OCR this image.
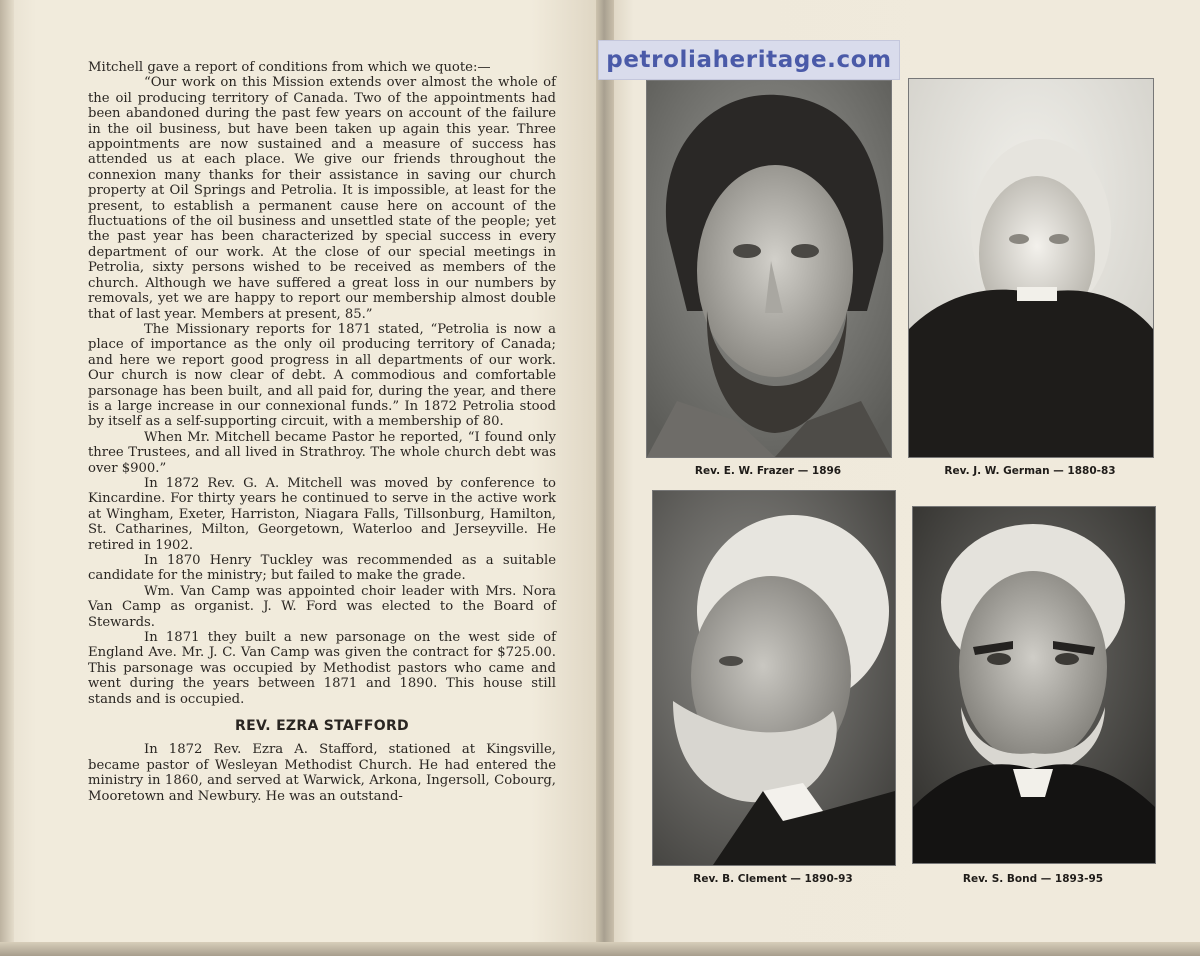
Mitchell gave a report of conditions from which we quote:—

“Our work on this Mission extends over almost the whole of the oil producing territory of Canada. Two of the appointments had been abandoned during the past few years on account of the failure in the oil business, but have been taken up again this year. Three appointments are now sustained and a measure of success has attended us at each place. We give our friends throughout the connexion many thanks for their assistance in saving our church property at Oil Springs and Petrolia. It is impossible, at least for the present, to establish a permanent cause here on account of the fluctuations of the oil business and unsettled state of the people; yet the past year has been characterized by special success in every department of our work. At the close of our special meetings in Petrolia, sixty persons wished to be received as members of the church. Although we have suffered a great loss in our numbers by removals, yet we are happy to report our membership almost double that of last year. Members at present, 85.”

The Missionary reports for 1871 stated, “Petrolia is now a place of importance as the only oil producing territory of Canada; and here we report good progress in all departments of our work. Our church is now clear of debt. A commodious and comfortable parsonage has been built, and all paid for, during the year, and there is a large increase in our connexional funds.” In 1872 Petrolia stood by itself as a self-supporting circuit, with a membership of 80.

When Mr. Mitchell became Pastor he reported, “I found only three Trustees, and all lived in Strathroy. The whole church debt was over $900.”

In 1872 Rev. G. A. Mitchell was moved by conference to Kincardine. For thirty years he continued to serve in the active work at Wingham, Exeter, Harriston, Niagara Falls, Tillsonburg, Hamilton, St. Catharines, Milton, Georgetown, Waterloo and Jerseyville. He retired in 1902.

In 1870 Henry Tuckley was recommended as a suitable candidate for the ministry; but failed to make the grade.

Wm. Van Camp was appointed choir leader with Mrs. Nora Van Camp as organist. J. W. Ford was elected to the Board of Stewards.

In 1871 they built a new parsonage on the west side of England Ave. Mr. J. C. Van Camp was given the contract for $725.00. This parsonage was occupied by Methodist pastors who came and went during the years between 1871 and 1890. This house still stands and is occupied.

REV. EZRA STAFFORD

In 1872 Rev. Ezra A. Stafford, stationed at Kingsville, became pastor of Wesleyan Methodist Church. He had entered the ministry in 1860, and served at Warwick, Arkona, Ingersoll, Cobourg, Mooretown and Newbury. He was an outstand-

petroliaheritage.com
Rev. E. W. Frazer — 1896	Rev. J. W. German — 1880-83
Rev. B. Clement — 1890-93	Rev. S. Bond — 1893-95
